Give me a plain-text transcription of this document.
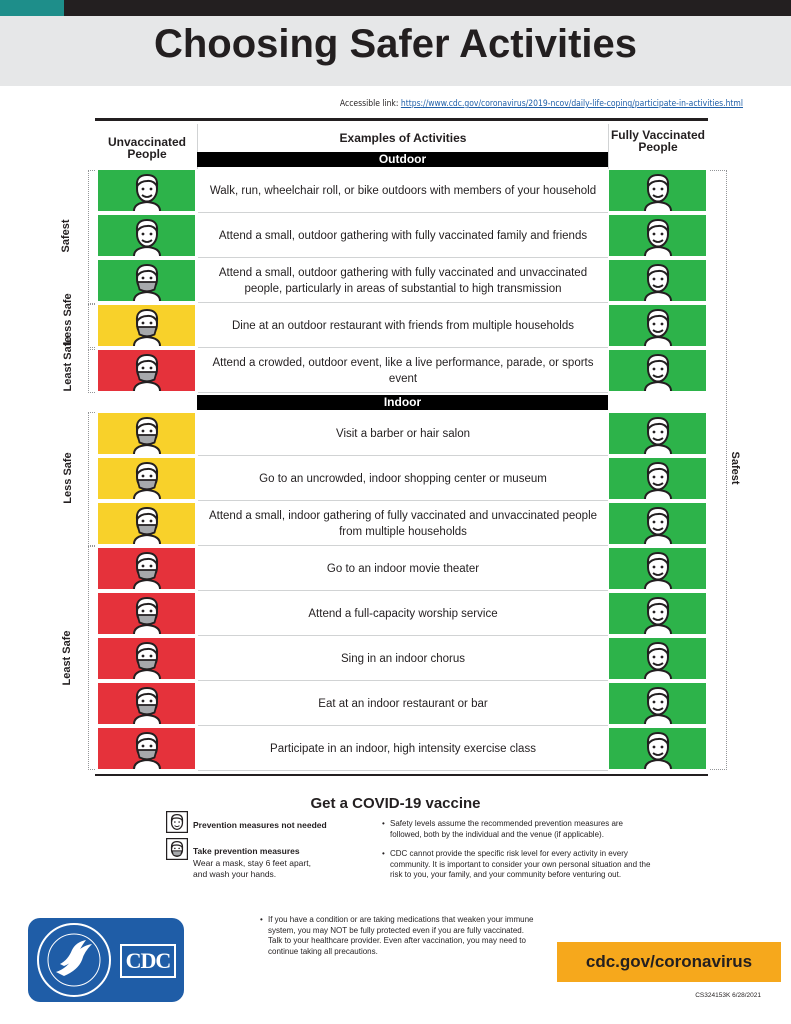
Choosing Safer Activities
Accessible link: https://www.cdc.gov/coronavirus/2019-ncov/daily-life-coping/participate-in-activities.html
Unvaccinated People
Examples of Activities	Fully Vaccinated People
Outdoor
Indoor
Walk, run, wheelchair roll, or bike outdoors with members of your household
Attend a small, outdoor gathering with fully vaccinated family and friends
Attend a small, outdoor gathering with fully vaccinated and unvaccinated people, particularly in areas of substantial to high transmission
Dine at an outdoor restaurant with friends from multiple households
Attend a crowded, outdoor event, like a live performance, parade, or sports event
Visit a barber or hair salon
Go to an uncrowded, indoor shopping center or museum
Attend a small, indoor gathering of fully vaccinated and unvaccinated people from multiple households
Go to an indoor movie theater
Attend a full-capacity worship service
Sing in an indoor chorus
Eat at an indoor restaurant or bar
Participate in an indoor, high intensity exercise class
Safest
Less Safe
Least Safe
Less Safe
Least Safe
Safest
Get a COVID-19 vaccine
Prevention measures not needed
Take prevention measures
Wear a mask, stay 6 feet apart, and wash your hands.
• Safety levels assume the recommended prevention measures are followed, both by the individual and the venue (if applicable).
• CDC cannot provide the specific risk level for every activity in every community. It is important to consider your own personal situation and the risk to you, your family, and your community before venturing out.
• If you have a condition or are taking medications that weaken your immune system, you may NOT be fully protected even if you are fully vaccinated. Talk to your healthcare provider. Even after vaccination, you may need to continue taking all precautions.
CDC	cdc.gov/coronavirus
CS324153K 6/28/2021
